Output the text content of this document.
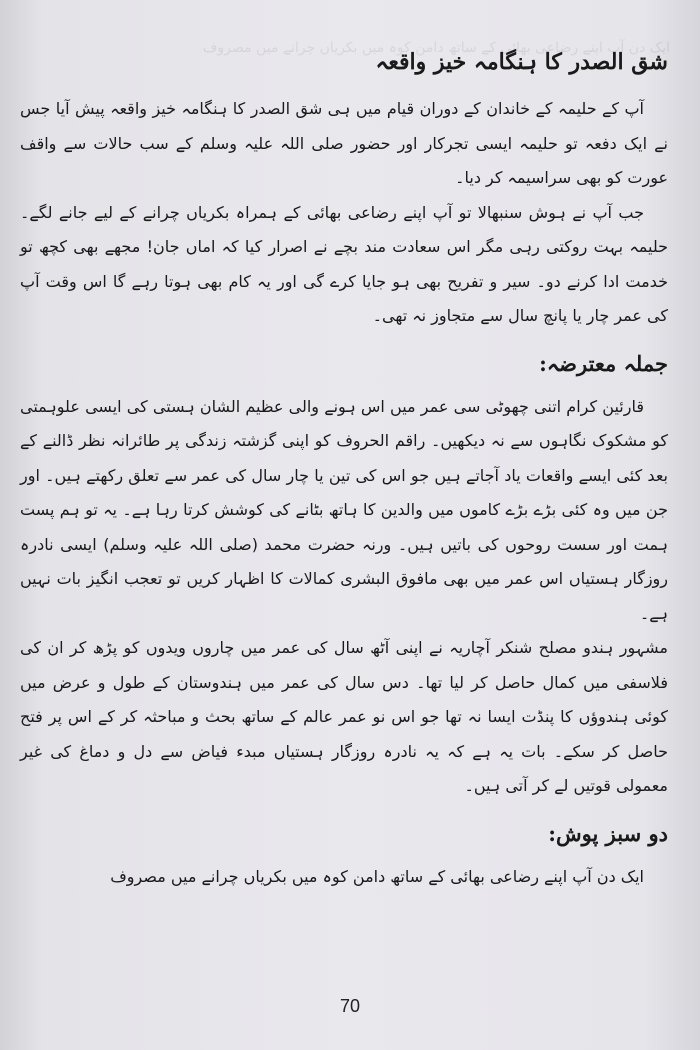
ایک دن آپ اپنے رضاعی بھائی کے ساتھ دامن کوہ میں بکریاں چرانے میں مصروف
شق الصدر کا ہنگامہ خیز واقعہ

آپ کے حلیمہ کے خاندان کے دوران قیام میں ہی شق الصدر کا ہنگامہ خیز واقعہ پیش آیا جس نے ایک دفعہ تو حلیمہ ایسی تجرکار اور حضور صلی اللہ علیہ وسلم کے سب حالات سے واقف عورت کو بھی سراسیمہ کر دیا۔

جب آپ نے ہوش سنبھالا تو آپ اپنے رضاعی بھائی کے ہمراہ بکریاں چرانے کے لیے جانے لگے۔ حلیمہ بہت روکتی رہی مگر اس سعادت مند بچے نے اصرار کیا کہ اماں جان! مجھے بھی کچھ تو خدمت ادا کرنے دو۔ سیر و تفریح بھی ہو جایا کرے گی اور یہ کام بھی ہوتا رہے گا اس وقت آپ کی عمر چار یا پانچ سال سے متجاوز نہ تھی۔

جملہ معترضہ:

قارئین کرام اتنی چھوٹی سی عمر میں اس ہونے والی عظیم الشان ہستی کی ایسی علوہمتی کو مشکوک نگاہوں سے نہ دیکھیں۔ راقم الحروف کو اپنی گزشتہ زندگی پر طائرانہ نظر ڈالنے کے بعد کئی ایسے واقعات یاد آجاتے ہیں جو اس کی تین یا چار سال کی عمر سے تعلق رکھتے ہیں۔ اور جن میں وہ کئی بڑے بڑے کاموں میں والدین کا ہاتھ بٹانے کی کوشش کرتا رہا ہے۔ یہ تو ہم پست ہمت اور سست روحوں کی باتیں ہیں۔ ورنہ حضرت محمد (صلی اللہ علیہ وسلم) ایسی نادرہ روزگار ہستیاں اس عمر میں بھی مافوق البشری کمالات کا اظہار کریں تو تعجب انگیز بات نہیں ہے۔

مشہور ہندو مصلح شنکر آچاریہ نے اپنی آٹھ سال کی عمر میں چاروں ویدوں کو پڑھ کر ان کی فلاسفی میں کمال حاصل کر لیا تھا۔ دس سال کی عمر میں ہندوستان کے طول و عرض میں کوئی ہندوؤں کا پنڈت ایسا نہ تھا جو اس نو عمر عالم کے ساتھ بحث و مباحثہ کر کے اس پر فتح حاصل کر سکے۔ بات یہ ہے کہ یہ نادرہ روزگار ہستیاں مبدء فیاض سے دل و دماغ کی غیر معمولی قوتیں لے کر آتی ہیں۔

دو سبز پوش:

ایک دن آپ اپنے رضاعی بھائی کے ساتھ دامن کوہ میں بکریاں چرانے میں مصروف

70
